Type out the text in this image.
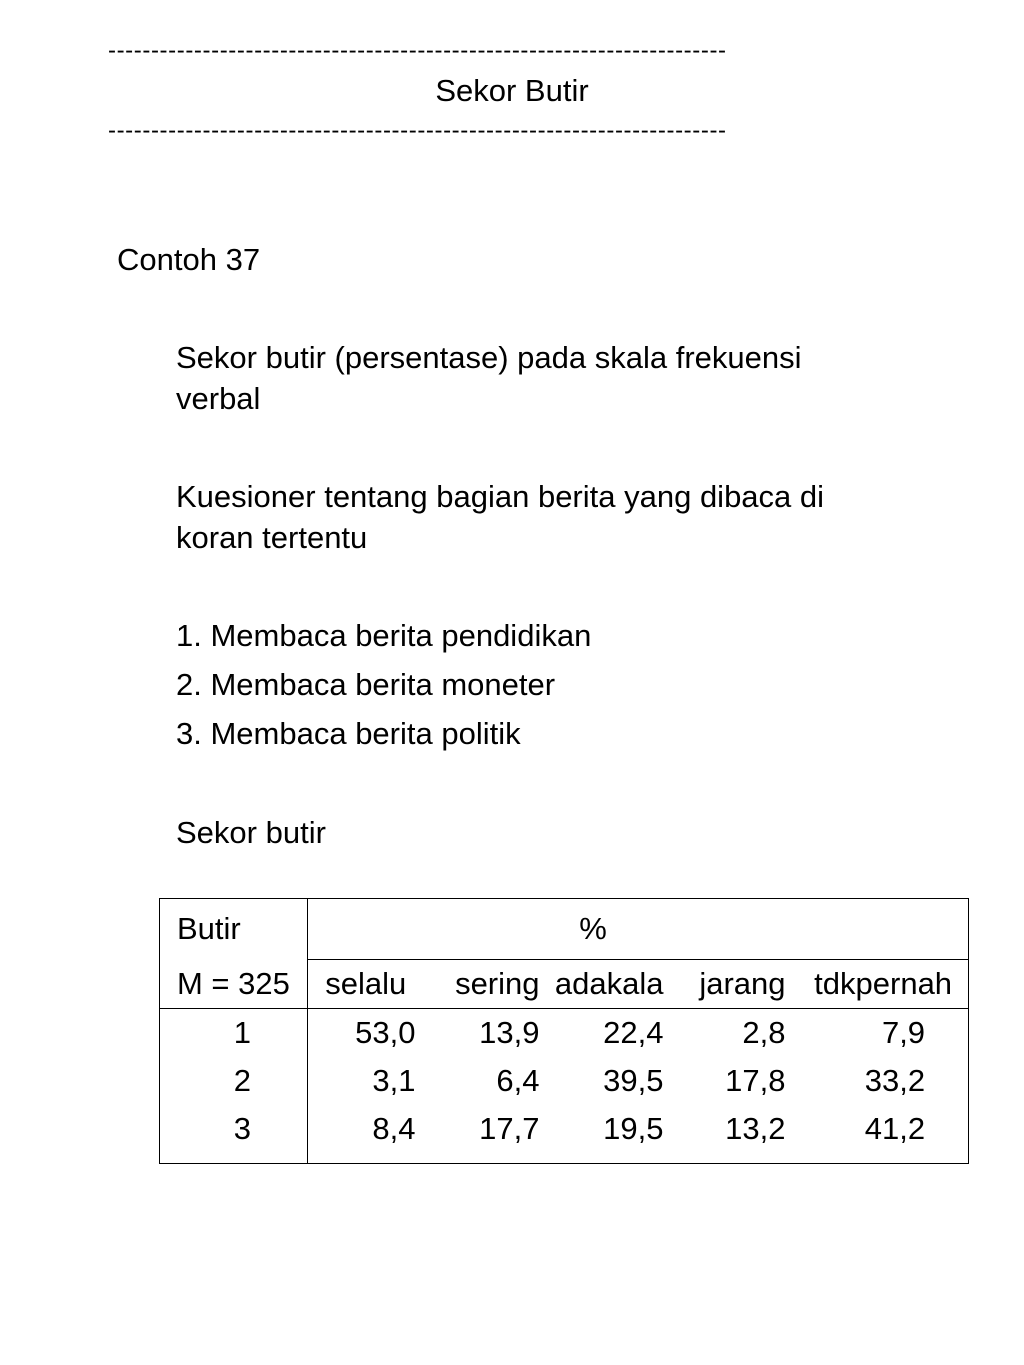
------------------------------------------------------------------------
Sekor Butir
------------------------------------------------------------------------
Contoh 37
Sekor butir (persentase) pada skala frekuensi
verbal
Kuesioner tentang bagian berita yang dibaca di
koran tertentu
1. Membaca berita pendidikan
2. Membaca berita moneter
3. Membaca berita politik
Sekor butir
Butir	%				
M = 325	selalu	sering	adakala	jarang	tdkpernah
1	53,0	13,9	22,4	2,8	7,9
2	3,1	6,4	39,5	17,8	33,2
3	8,4	17,7	19,5	13,2	41,2
